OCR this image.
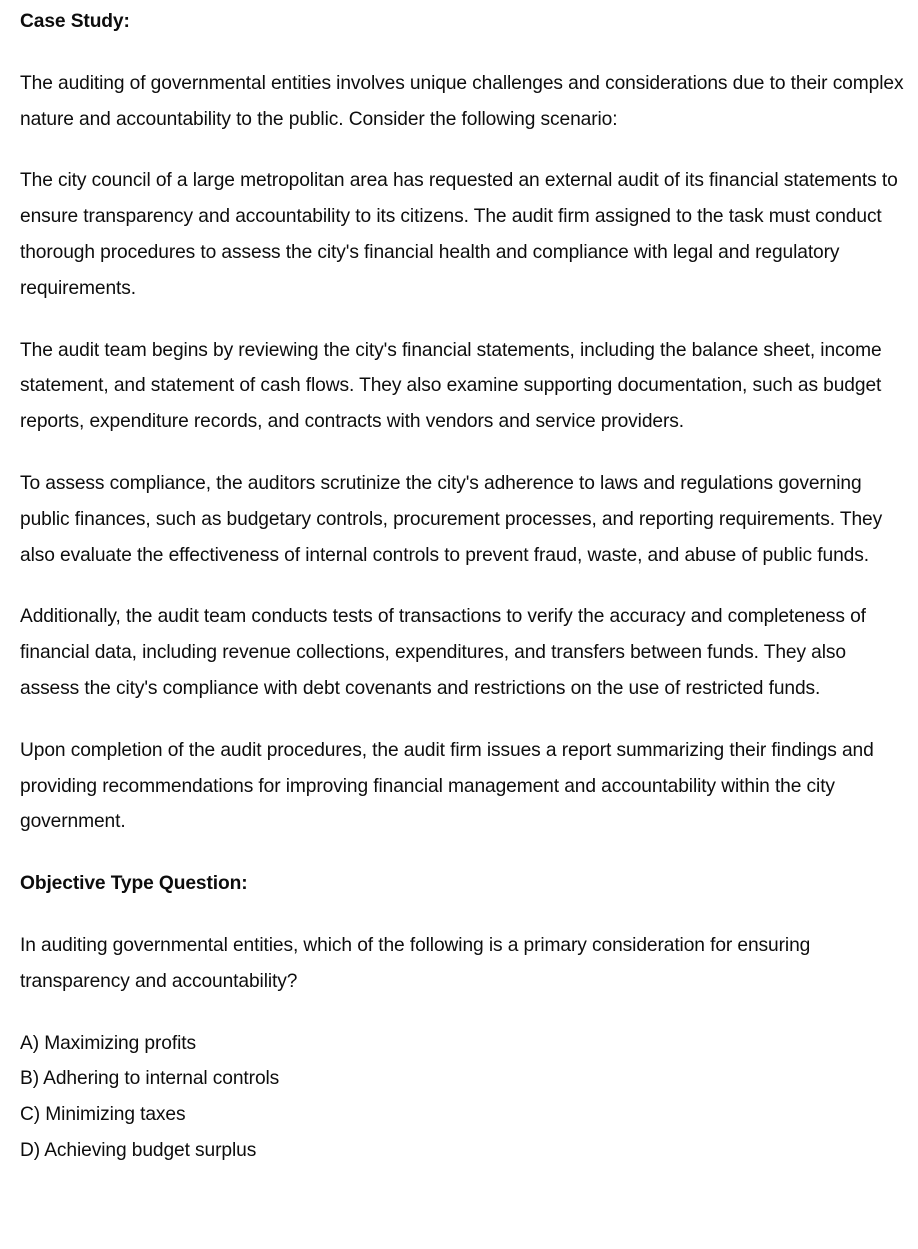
Case Study:

The auditing of governmental entities involves unique challenges and considerations due to their complex nature and accountability to the public. Consider the following scenario:

The city council of a large metropolitan area has requested an external audit of its financial statements to ensure transparency and accountability to its citizens. The audit firm assigned to the task must conduct thorough procedures to assess the city's financial health and compliance with legal and regulatory requirements.

The audit team begins by reviewing the city's financial statements, including the balance sheet, income statement, and statement of cash flows. They also examine supporting documentation, such as budget reports, expenditure records, and contracts with vendors and service providers.

To assess compliance, the auditors scrutinize the city's adherence to laws and regulations governing public finances, such as budgetary controls, procurement processes, and reporting requirements. They also evaluate the effectiveness of internal controls to prevent fraud, waste, and abuse of public funds.

Additionally, the audit team conducts tests of transactions to verify the accuracy and completeness of financial data, including revenue collections, expenditures, and transfers between funds. They also assess the city's compliance with debt covenants and restrictions on the use of restricted funds.

Upon completion of the audit procedures, the audit firm issues a report summarizing their findings and providing recommendations for improving financial management and accountability within the city government.

Objective Type Question:

In auditing governmental entities, which of the following is a primary consideration for ensuring transparency and accountability?

A) Maximizing profits
B) Adhering to internal controls
C) Minimizing taxes
D) Achieving budget surplus
